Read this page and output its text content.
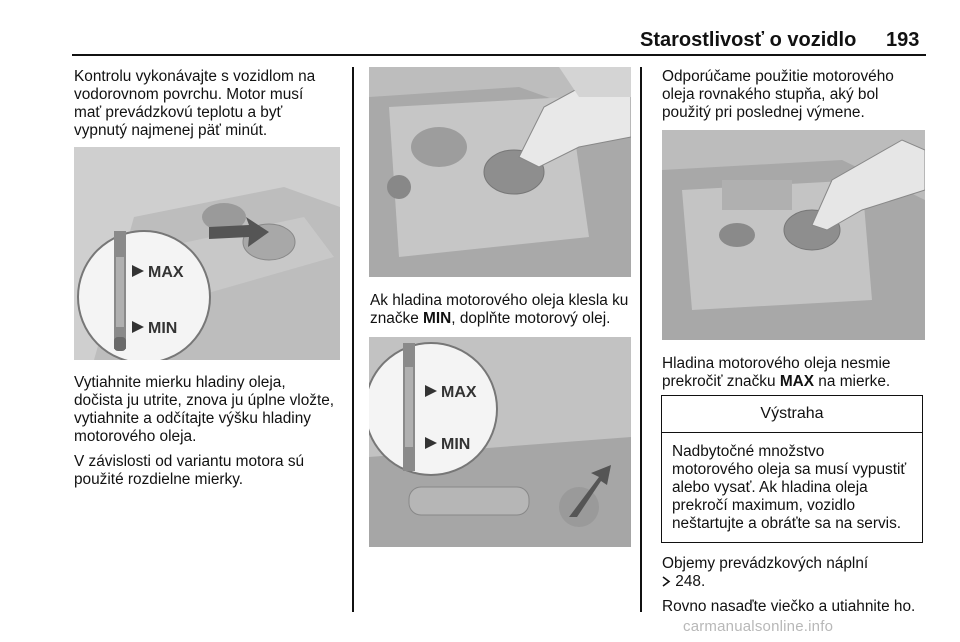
Starostlivosť o vozidlo 193
Kontrolu vykonávajte s vozidlom na
vodorovnom povrchu. Motor musí
mať prevádzkovú teplotu a byť
vypnutý najmenej päť minút.
MAX
MIN

Vytiahnite mierku hladiny oleja,
dočista ju utrite, znova ju úplne vložte,
vytiahnite a odčítajte výšku hladiny
motorového oleja.

V závislosti od variantu motora sú
použité rozdielne mierky.

Ak hladina motorového oleja klesla ku
značke MIN, doplňte motorový olej.
MAX
MIN
Odporúčame použitie motorového
oleja rovnakého stupňa, aký bol
použitý pri poslednej výmene.
Hladina motorového oleja nesmie
prekročiť značku MAX na mierke.
Výstraha
Nadbytočné množstvo
motorového oleja sa musí vypustiť
alebo vysať. Ak hladina oleja
prekročí maximum, vozidlo
neštartujte a obráťte sa na servis.
Objemy prevádzkových náplní
248.
Rovno nasaďte viečko a utiahnite ho.
carmanualsonline.info
